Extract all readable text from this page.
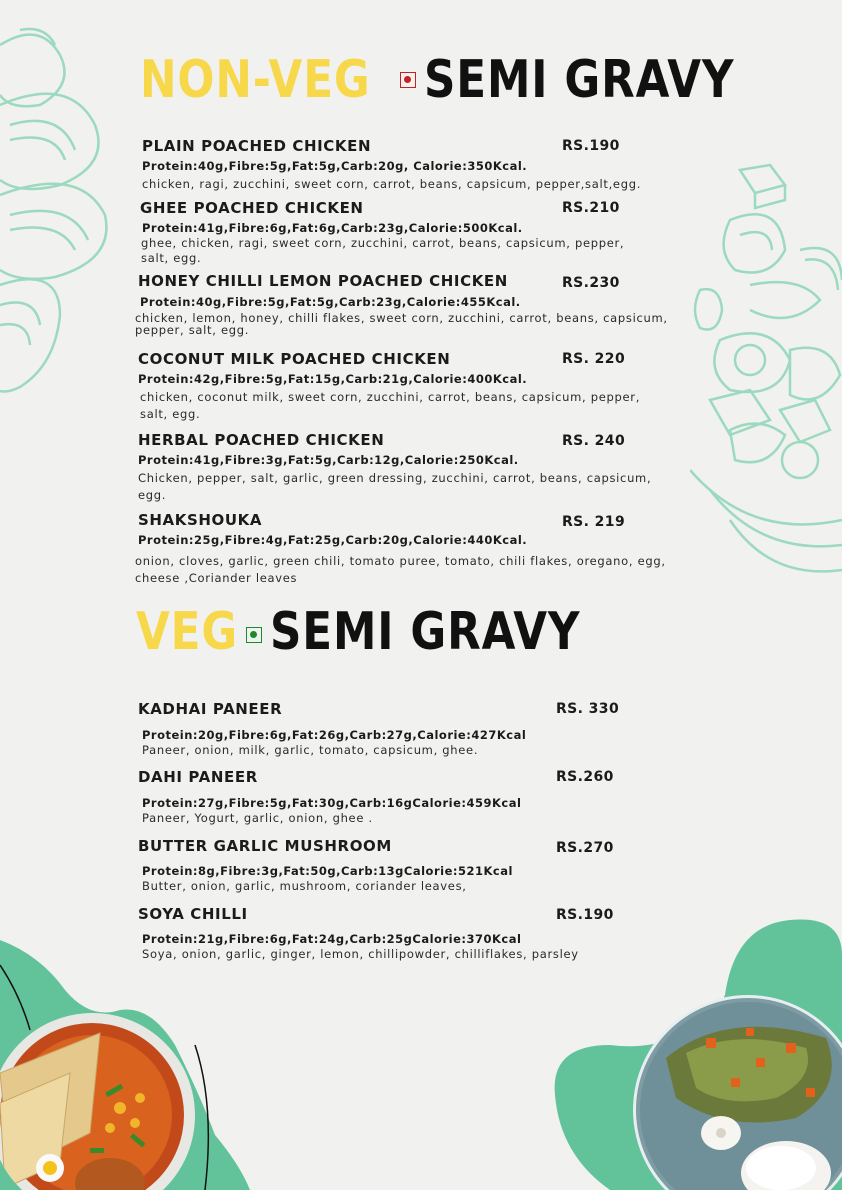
NON-VEG SEMI GRAVY
PLAIN POACHED CHICKEN	RS.190
Protein:40g,Fibre:5g,Fat:5g,Carb:20g, Calorie:350Kcal.
chicken, ragi, zucchini, sweet corn, carrot, beans, capsicum, pepper,salt,egg.
GHEE POACHED CHICKEN	RS.210
Protein:41g,Fibre:6g,Fat:6g,Carb:23g,Calorie:500Kcal.
ghee, chicken, ragi, sweet corn, zucchini, carrot, beans, capsicum, pepper, salt, egg.
HONEY CHILLI LEMON POACHED CHICKEN	RS.230
Protein:40g,Fibre:5g,Fat:5g,Carb:23g,Calorie:455Kcal.
chicken, lemon, honey, chilli flakes, sweet corn, zucchini, carrot, beans, capsicum, pepper, salt, egg.
COCONUT MILK POACHED CHICKEN	RS. 220
Protein:42g,Fibre:5g,Fat:15g,Carb:21g,Calorie:400Kcal.
chicken, coconut milk, sweet corn, zucchini, carrot, beans, capsicum, pepper, salt, egg.
HERBAL POACHED CHICKEN	RS. 240
Protein:41g,Fibre:3g,Fat:5g,Carb:12g,Calorie:250Kcal.
Chicken, pepper, salt, garlic, green dressing, zucchini, carrot, beans, capsicum, egg.
SHAKSHOUKA	RS. 219
Protein:25g,Fibre:4g,Fat:25g,Carb:20g,Calorie:440Kcal.
onion, cloves, garlic, green chili, tomato puree, tomato, chili flakes, oregano, egg, cheese ,Coriander leaves
VEG SEMI GRAVY
KADHAI PANEER	RS. 330
Protein:20g,Fibre:6g,Fat:26g,Carb:27g,Calorie:427Kcal
Paneer, onion, milk, garlic, tomato, capsicum, ghee.
DAHI PANEER	RS.260
Protein:27g,Fibre:5g,Fat:30g,Carb:16gCalorie:459Kcal
Paneer, Yogurt, garlic, onion, ghee .
BUTTER GARLIC MUSHROOM	RS.270
Protein:8g,Fibre:3g,Fat:50g,Carb:13gCalorie:521Kcal
Butter, onion, garlic, mushroom, coriander leaves,
SOYA CHILLI	RS.190
Protein:21g,Fibre:6g,Fat:24g,Carb:25gCalorie:370Kcal
Soya, onion, garlic, ginger, lemon, chillipowder, chilliflakes, parsley
